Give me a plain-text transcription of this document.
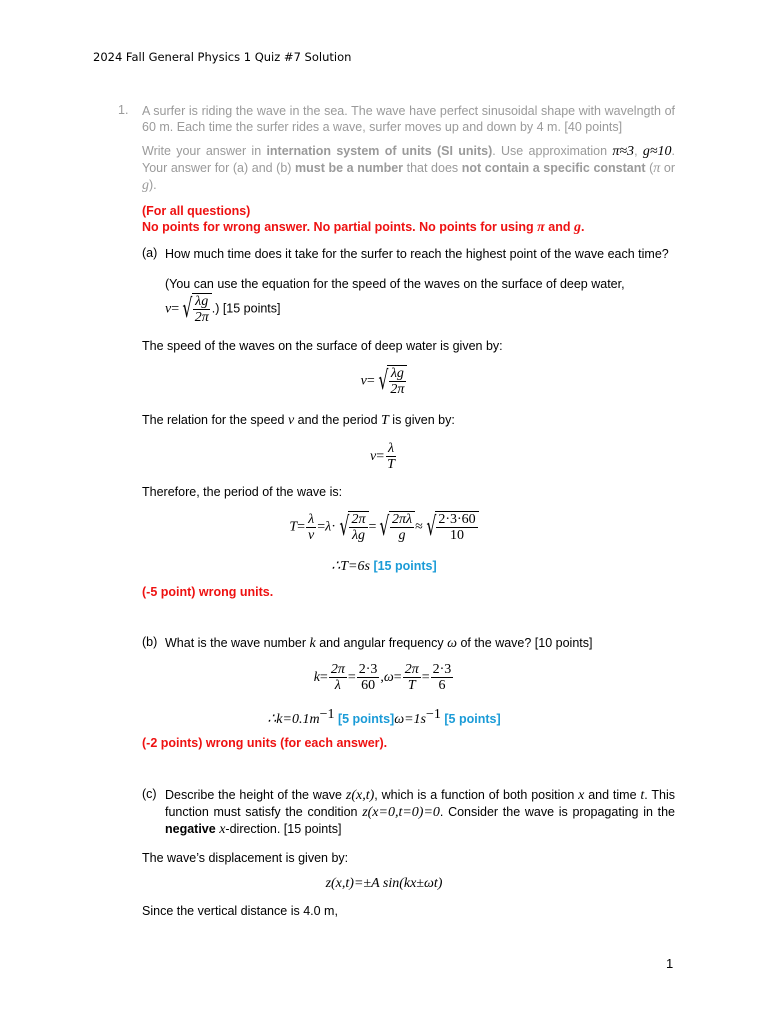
2024 Fall General Physics 1 Quiz #7 Solution
1. A surfer is riding the wave in the sea. The wave have perfect sinusoidal shape with wavelngth of 60 m. Each time the surfer rides a wave, surfer moves up and down by 4 m. [40 points]
Write your answer in internation system of units (SI units). Use approximation π≈3, g≈10. Your answer for (a) and (b) must be a number that does not contain a specific constant (π or g).
(For all questions)
No points for wrong answer. No partial points. No points for using π and g.
(a) How much time does it take for the surfer to reach the highest point of the wave each time?
(You can use the equation for the speed of the waves on the surface of deep water,
v= √ $\frac{\lambda g}{2\pi}$ .) [15 points]
The speed of the waves on the surface of deep water is given by:
v= √ $\frac{\lambda g}{2\pi}$
The relation for the speed v and the period T is given by:
$v= \frac{\lambda}{T}$
Therefore, the period of the wave is:
$T= \frac{\lambda}{v} =\lambda\cdot$ √ $\frac{2\pi}{\lambda g}$ = √ $\frac{2\pi\lambda}{g}$ ≈ √ $\frac{2\cdot 3\cdot 60}{10}$
∴T=6s [15 points]
(-5 point) wrong units.
(b) What is the wave number k and angular frequency ω of the wave? [10 points]
$k= \frac{2\pi}{\lambda} = \frac{2\cdot 3}{60} ,\omega= \frac{2\pi}{T} = \frac{2\cdot 3}{6}$
$\therefore k=0.1m^{-1}$ [5 $points]\omega=1s^{-1}$ [5 points]
(-2 points) wrong units (for each answer).
(c) Describe the height of the wave z(x,t), which is a function of both position x and time t. This function must satisfy the condition z(x=0,t=0)=0. Consider the wave is propagating in the negative x-direction. [15 points]
The wave’s displacement is given by:
z(x,t)=±A sin(kx±ωt)
Since the vertical distance is 4.0 m,
1
